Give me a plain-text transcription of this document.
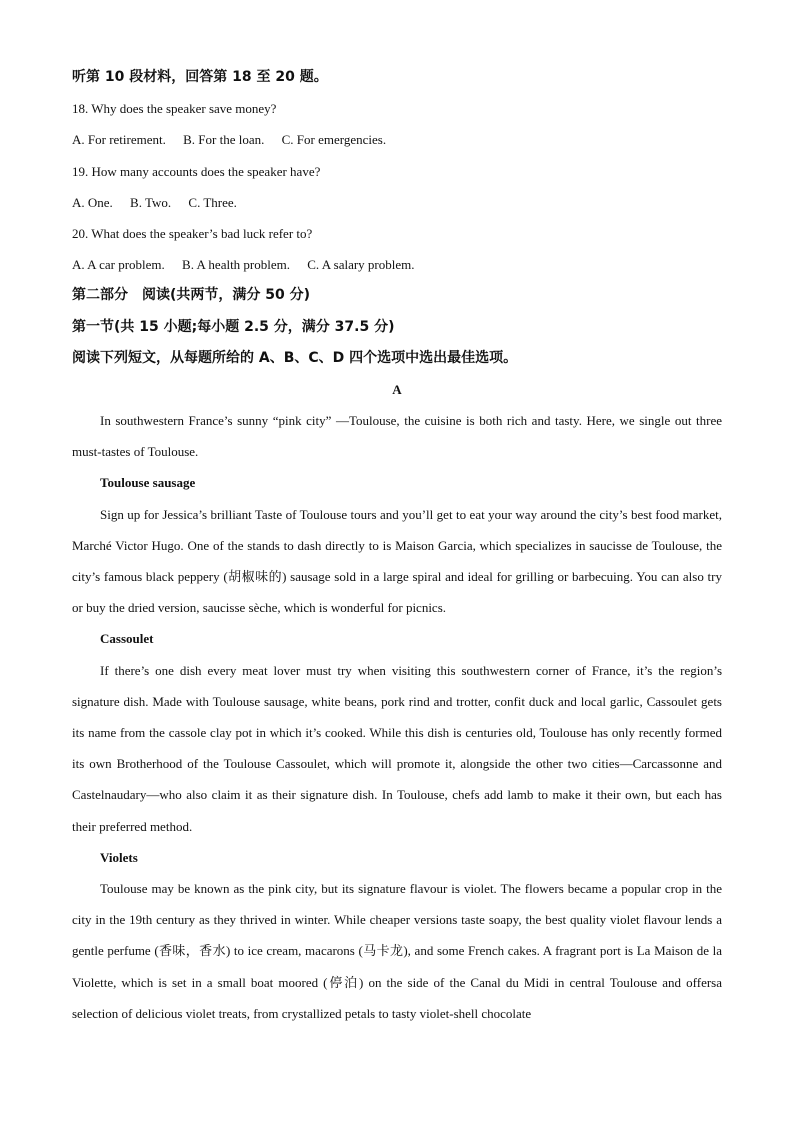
听第 10 段材料，回答第 18 至 20 题。

18. Why does the speaker save money?

A. For retirement. B. For the loan. C. For emergencies.

19. How many accounts does the speaker have?

A. One. B. Two. C. Three.

20. What does the speaker’s bad luck refer to?

A. A car problem. B. A health problem. C. A salary problem.

第二部分　阅读(共两节，满分 50 分)

第一节(共 15 小题;每小题 2.5 分，满分 37.5 分)

阅读下列短文，从每题所给的 A、B、C、D 四个选项中选出最佳选项。

A

In southwestern France’s sunny “pink city” —Toulouse, the cuisine is both rich and tasty. Here, we single out three must-tastes of Toulouse.

Toulouse sausage

Sign up for Jessica’s brilliant Taste of Toulouse tours and you’ll get to eat your way around the city’s best food market, Marché Victor Hugo. One of the stands to dash directly to is Maison Garcia, which specializes in saucisse de Toulouse, the city’s famous black peppery (胡椒味的) sausage sold in a large spiral and ideal for grilling or barbecuing. You can also try or buy the dried version, saucisse sèche, which is wonderful for picnics.

Cassoulet

If there’s one dish every meat lover must try when visiting this southwestern corner of France, it’s the region’s signature dish. Made with Toulouse sausage, white beans, pork rind and trotter, confit duck and local garlic, Cassoulet gets its name from the cassole clay pot in which it’s cooked. While this dish is centuries old, Toulouse has only recently formed its own Brotherhood of the Toulouse Cassoulet, which will promote it, alongside the other two cities—Carcassonne and Castelnaudary—who also claim it as their signature dish. In Toulouse, chefs add lamb to make it their own, but each has their preferred method.

Violets

Toulouse may be known as the pink city, but its signature flavour is violet. The flowers became a popular crop in the city in the 19th century as they thrived in winter. While cheaper versions taste soapy, the best quality violet flavour lends a gentle perfume (香味，香水) to ice cream, macarons (马卡龙), and some French cakes. A fragrant port is La Maison de la Violette, which is set in a small boat moored (停泊) on the side of the Canal du Midi in central Toulouse and offersa selection of delicious violet treats, from crystallized petals to tasty violet-shell chocolate
